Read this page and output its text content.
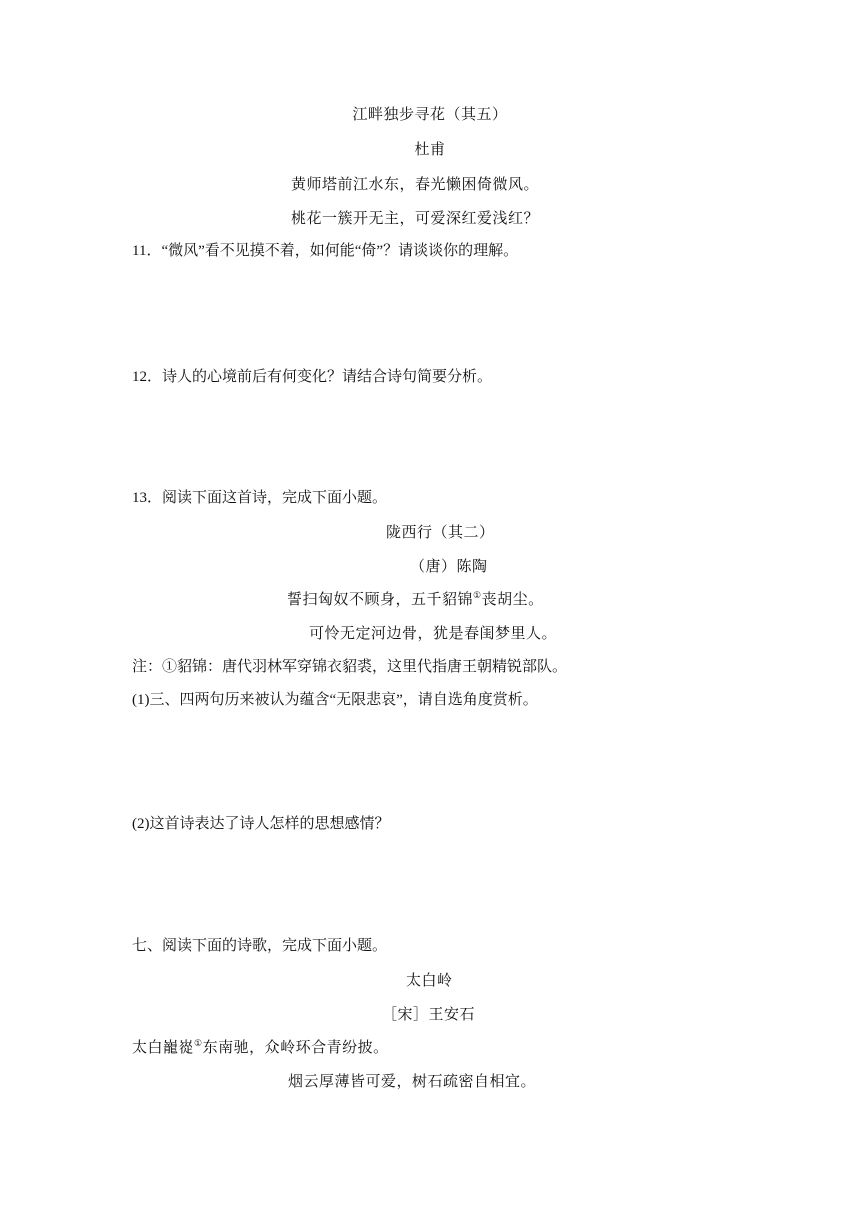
江畔独步寻花（其五）
杜甫
黄师塔前江水东，春光懒困倚微风。
桃花一簇开无主，可爱深红爱浅红？
11．“微风”看不见摸不着，如何能“倚”？请谈谈你的理解。
12．诗人的心境前后有何变化？请结合诗句简要分析。
13．阅读下面这首诗，完成下面小题。
陇西行（其二）
（唐）陈陶
誓扫匈奴不顾身，五千貂锦①丧胡尘。
可怜无定河边骨，犹是春闺梦里人。
注：①貂锦：唐代羽林军穿锦衣貂裘，这里代指唐王朝精锐部队。
(1)三、四两句历来被认为蕴含“无限悲哀”，请自选角度赏析。
(2)这首诗表达了诗人怎样的思想感情？
七、阅读下面的诗歌，完成下面小题。
太白岭
［宋］王安石
太白巃嵸①东南驰，众岭环合青纷披。
烟云厚薄皆可爱，树石疏密自相宜。
